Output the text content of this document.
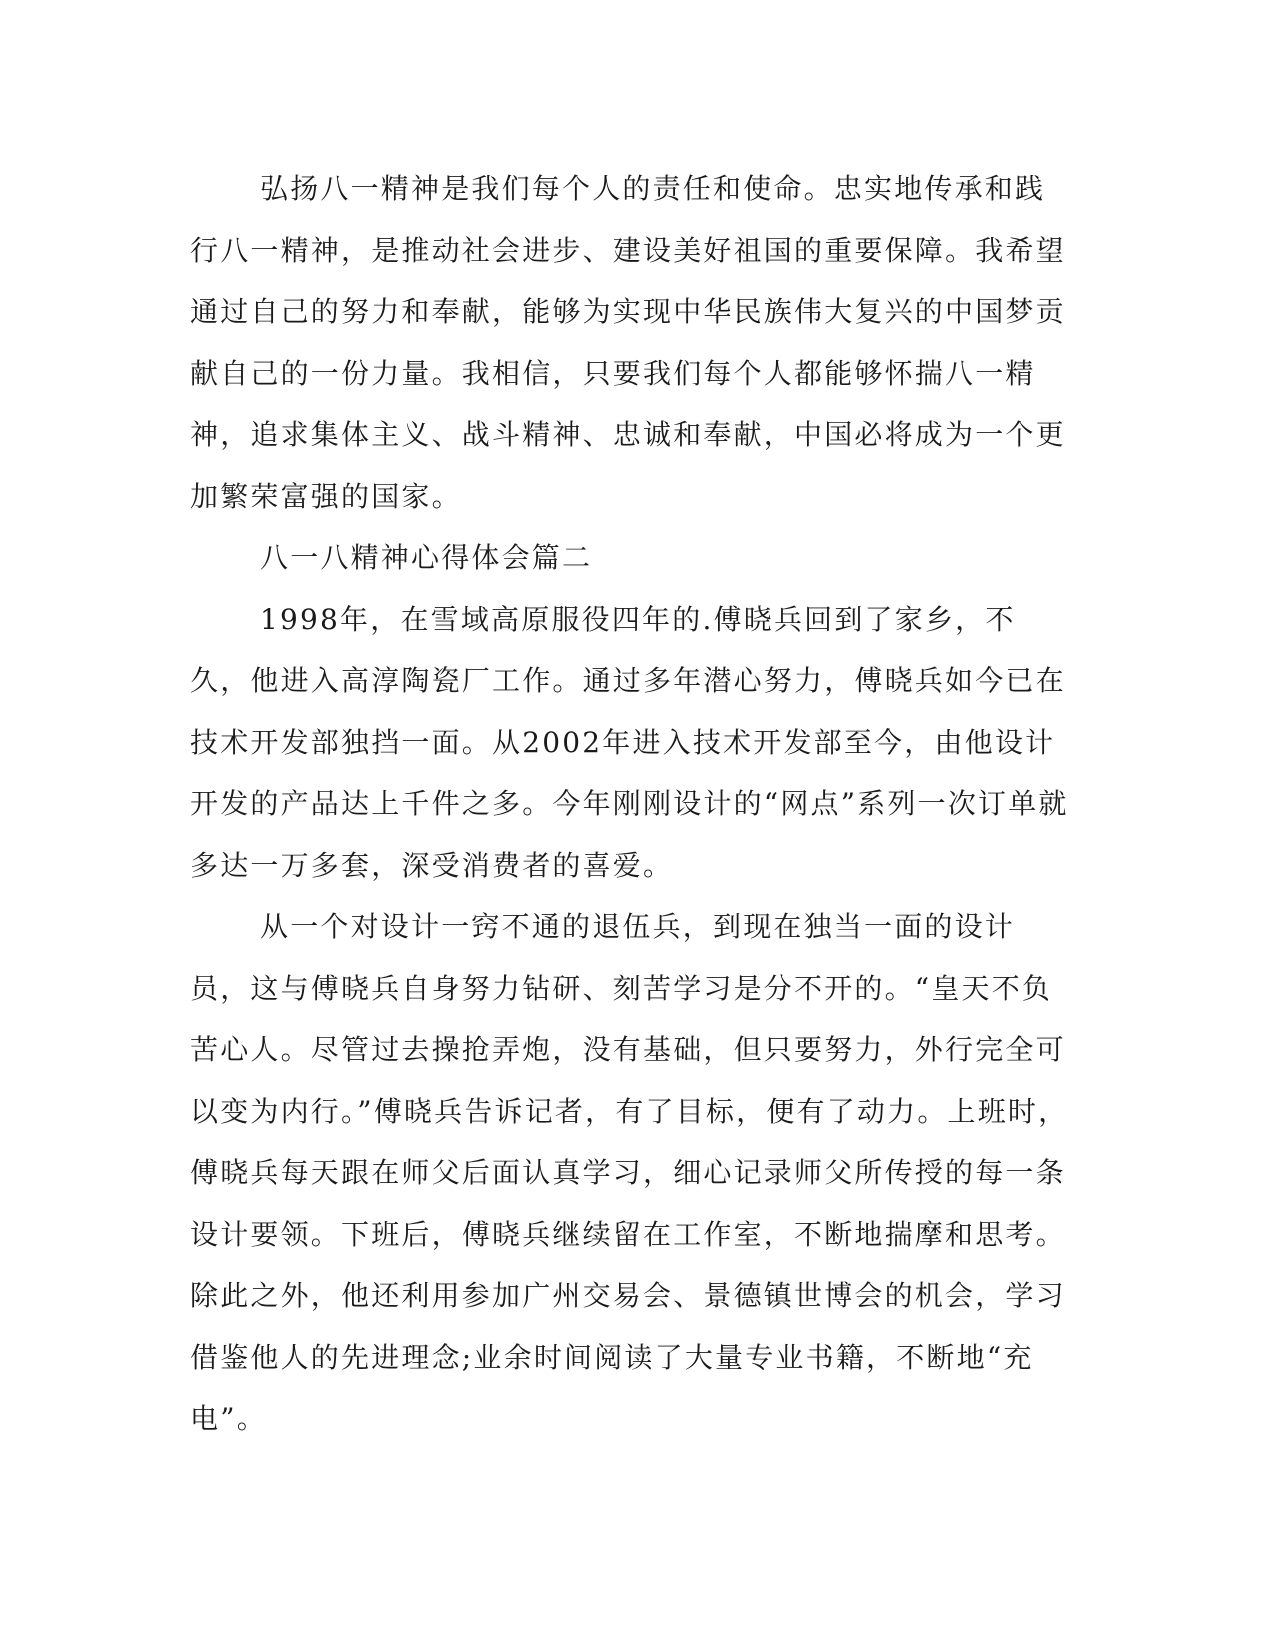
弘扬八一精神是我们每个人的责任和使命。忠实地传承和践行八一精神，是推动社会进步、建设美好祖国的重要保障。我希望通过自己的努力和奉献，能够为实现中华民族伟大复兴的中国梦贡献自己的一份力量。我相信，只要我们每个人都能够怀揣八一精神，追求集体主义、战斗精神、忠诚和奉献，中国必将成为一个更加繁荣富强的国家。

八一八精神心得体会篇二

1998年，在雪域高原服役四年的.傅晓兵回到了家乡，不久，他进入高淳陶瓷厂工作。通过多年潜心努力，傅晓兵如今已在技术开发部独挡一面。从2002年进入技术开发部至今，由他设计开发的产品达上千件之多。今年刚刚设计的“网点”系列一次订单就多达一万多套，深受消费者的喜爱。

从一个对设计一窍不通的退伍兵，到现在独当一面的设计员，这与傅晓兵自身努力钻研、刻苦学习是分不开的。“皇天不负苦心人。尽管过去操抢弄炮，没有基础，但只要努力，外行完全可以变为内行。”傅晓兵告诉记者，有了目标，便有了动力。上班时，傅晓兵每天跟在师父后面认真学习，细心记录师父所传授的每一条设计要领。下班后，傅晓兵继续留在工作室，不断地揣摩和思考。除此之外，他还利用参加广州交易会、景德镇世博会的机会，学习借鉴他人的先进理念;业余时间阅读了大量专业书籍，不断地“充电”。
